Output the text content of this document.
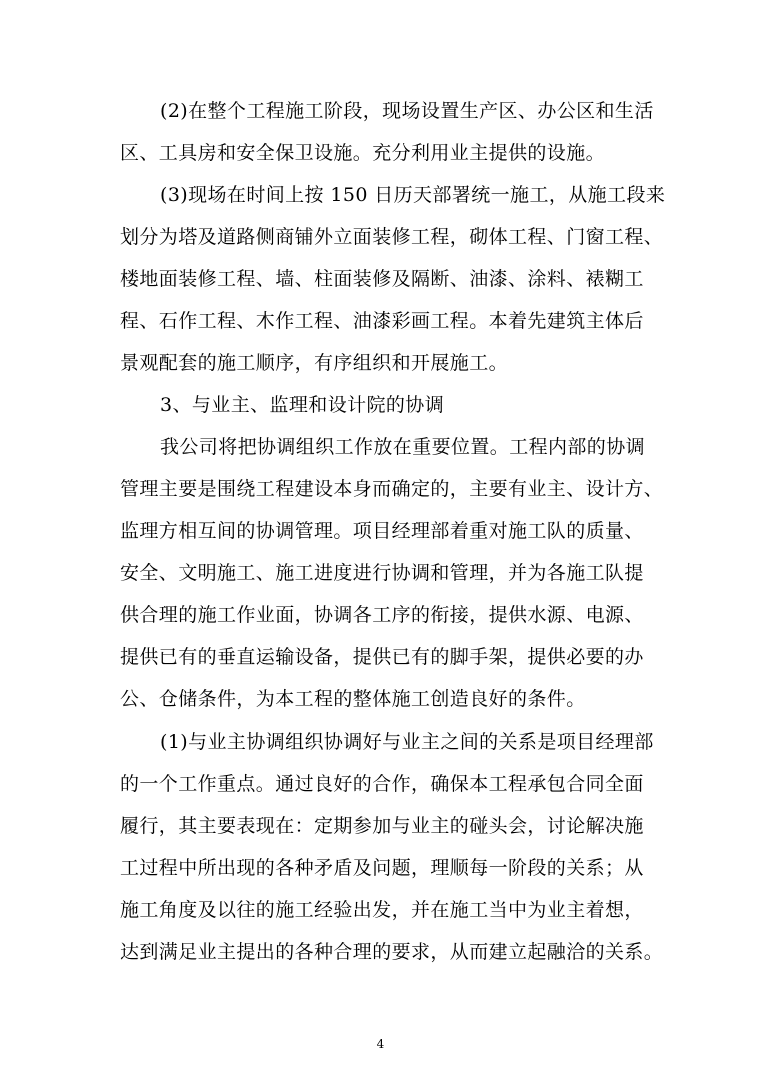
(2)在整个工程施工阶段，现场设置生产区、办公区和生活
区、工具房和安全保卫设施。充分利用业主提供的设施。
(3)现场在时间上按 150 日历天部署统一施工，从施工段来
划分为塔及道路侧商铺外立面装修工程，砌体工程、门窗工程、
楼地面装修工程、墙、柱面装修及隔断、油漆、涂料、裱糊工
程、石作工程、木作工程、油漆彩画工程。本着先建筑主体后
景观配套的施工顺序，有序组织和开展施工。
3、与业主、监理和设计院的协调
我公司将把协调组织工作放在重要位置。工程内部的协调
管理主要是围绕工程建设本身而确定的，主要有业主、设计方、
监理方相互间的协调管理。项目经理部着重对施工队的质量、
安全、文明施工、施工进度进行协调和管理，并为各施工队提
供合理的施工作业面，协调各工序的衔接，提供水源、电源、
提供已有的垂直运输设备，提供已有的脚手架，提供必要的办
公、仓储条件，为本工程的整体施工创造良好的条件。
(1)与业主协调组织协调好与业主之间的关系是项目经理部
的一个工作重点。通过良好的合作，确保本工程承包合同全面
履行，其主要表现在：定期参加与业主的碰头会，讨论解决施
工过程中所出现的各种矛盾及问题，理顺每一阶段的关系；从
施工角度及以往的施工经验出发，并在施工当中为业主着想，
达到满足业主提出的各种合理的要求，从而建立起融洽的关系。
4
